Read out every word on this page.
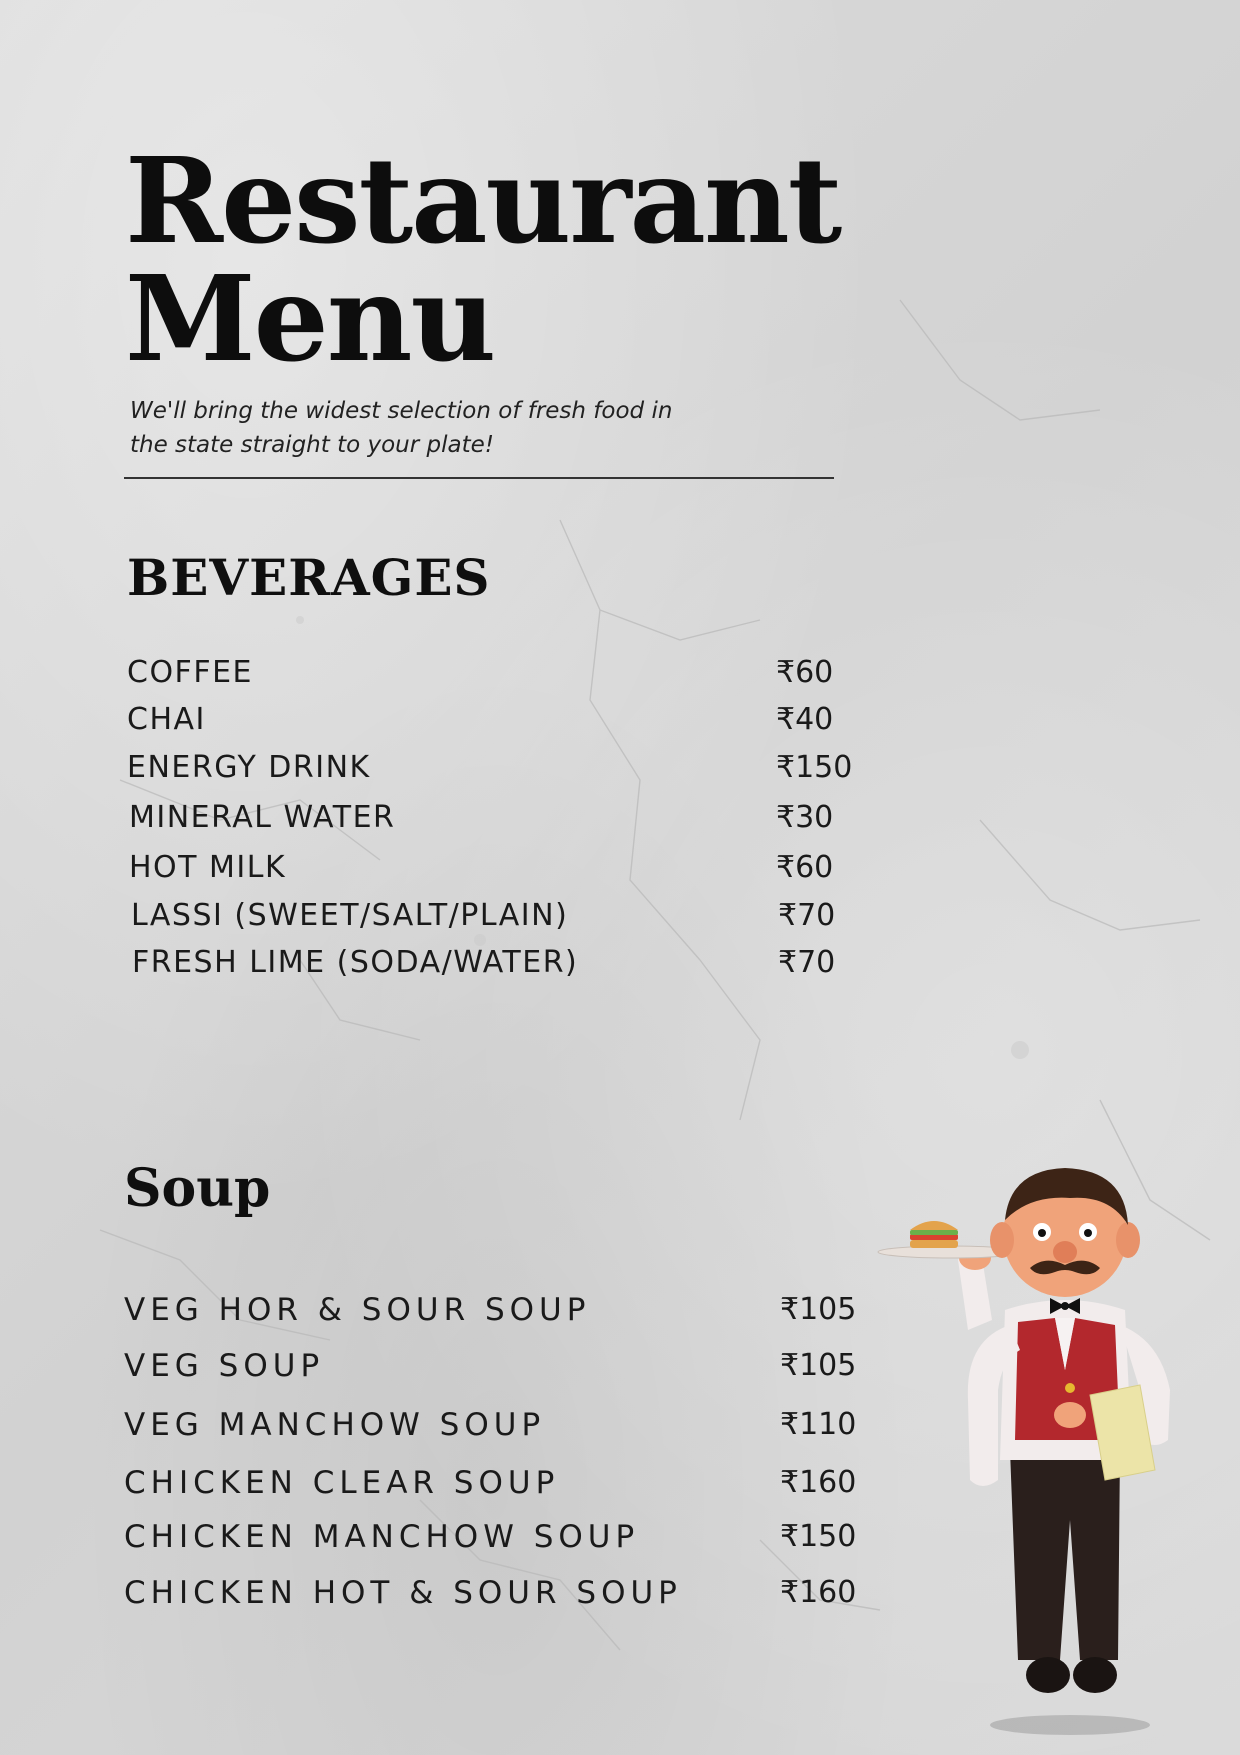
Restaurant
Menu
We'll bring the widest selection of fresh food in
the state straight to your plate!
BEVERAGES
COFFEE	₹60
CHAI	₹40
ENERGY DRINK	₹150
MINERAL WATER	₹30
HOT MILK	₹60
LASSI (SWEET/SALT/PLAIN)	₹70
FRESH LIME (SODA/WATER)	₹70
Soup
VEG HOR & SOUR SOUP	₹105
VEG SOUP	₹105
VEG MANCHOW SOUP	₹110
CHICKEN CLEAR SOUP	₹160
CHICKEN MANCHOW SOUP	₹150
CHICKEN HOT & SOUR SOUP	₹160
